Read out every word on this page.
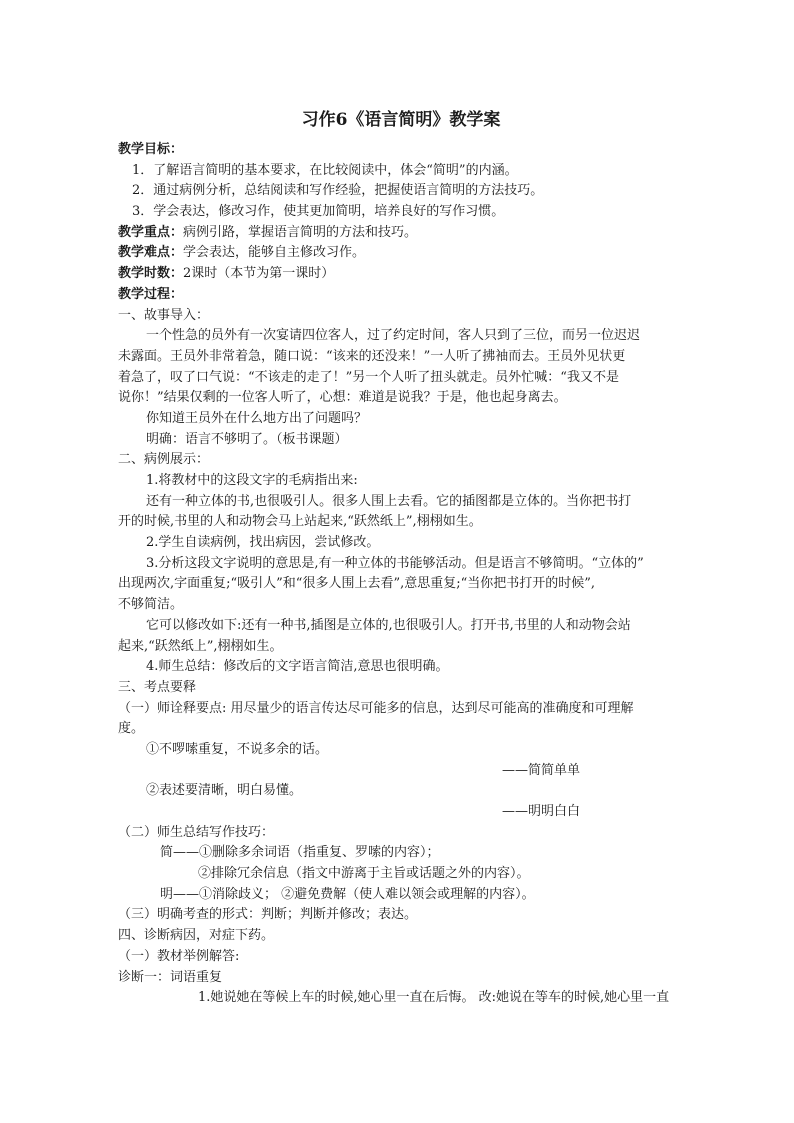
习作6《语言简明》教学案
教学目标：
1．了解语言简明的基本要求，在比较阅读中，体会“简明”的内涵。
2．通过病例分析，总结阅读和写作经验，把握使语言简明的方法技巧。
3．学会表达，修改习作，使其更加简明，培养良好的写作习惯。
教学重点：病例引路，掌握语言简明的方法和技巧。
教学难点：学会表达，能够自主修改习作。
教学时数：2课时（本节为第一课时）
教学过程：
一、故事导入：
一个性急的员外有一次宴请四位客人，过了约定时间，客人只到了三位，而另一位迟迟
未露面。王员外非常着急，随口说：“该来的还没来！”一人听了拂袖而去。王员外见状更
着急了，叹了口气说：“不该走的走了！”另一个人听了扭头就走。员外忙喊：“我又不是
说你！”结果仅剩的一位客人听了，心想：难道是说我？于是，他也起身离去。
你知道王员外在什么地方出了问题吗？
明确：语言不够明了。（板书课题）
二、病例展示：
1.将教材中的这段文字的毛病指出来:
还有一种立体的书,也很吸引人。很多人围上去看。它的插图都是立体的。当你把书打
开的时候,书里的人和动物会马上站起来,“跃然纸上”,栩栩如生。
2.学生自读病例，找出病因，尝试修改。
3.分析这段文字说明的意思是,有一种立体的书能够活动。但是语言不够简明。“立体的”
出现两次,字面重复;“吸引人”和“很多人围上去看”,意思重复;“当你把书打开的时候”,
不够简洁。
它可以修改如下:还有一种书,插图是立体的,也很吸引人。打开书,书里的人和动物会站
起来,“跃然纸上”,栩栩如生。
4.师生总结：修改后的文字语言简洁,意思也很明确。
三、考点要释
（一）师诠释要点: 用尽量少的语言传达尽可能多的信息，达到尽可能高的准确度和可理解
度。
①不啰嗦重复，不说多余的话。
——简简单单
②表述要清晰，明白易懂。
——明明白白
（二）师生总结写作技巧：
简——①删除多余词语（指重复、罗嗦的内容）；
②排除冗余信息（指文中游离于主旨或话题之外的内容）。
明——①消除歧义； ②避免费解（使人难以领会或理解的内容）。
（三）明确考查的形式：判断；判断并修改；表达。
四、诊断病因，对症下药。
（一）教材举例解答:
诊断一：词语重复
1.她说她在等候上车的时候,她心里一直在后悔。 改:她说在等车的时候,她心里一直
